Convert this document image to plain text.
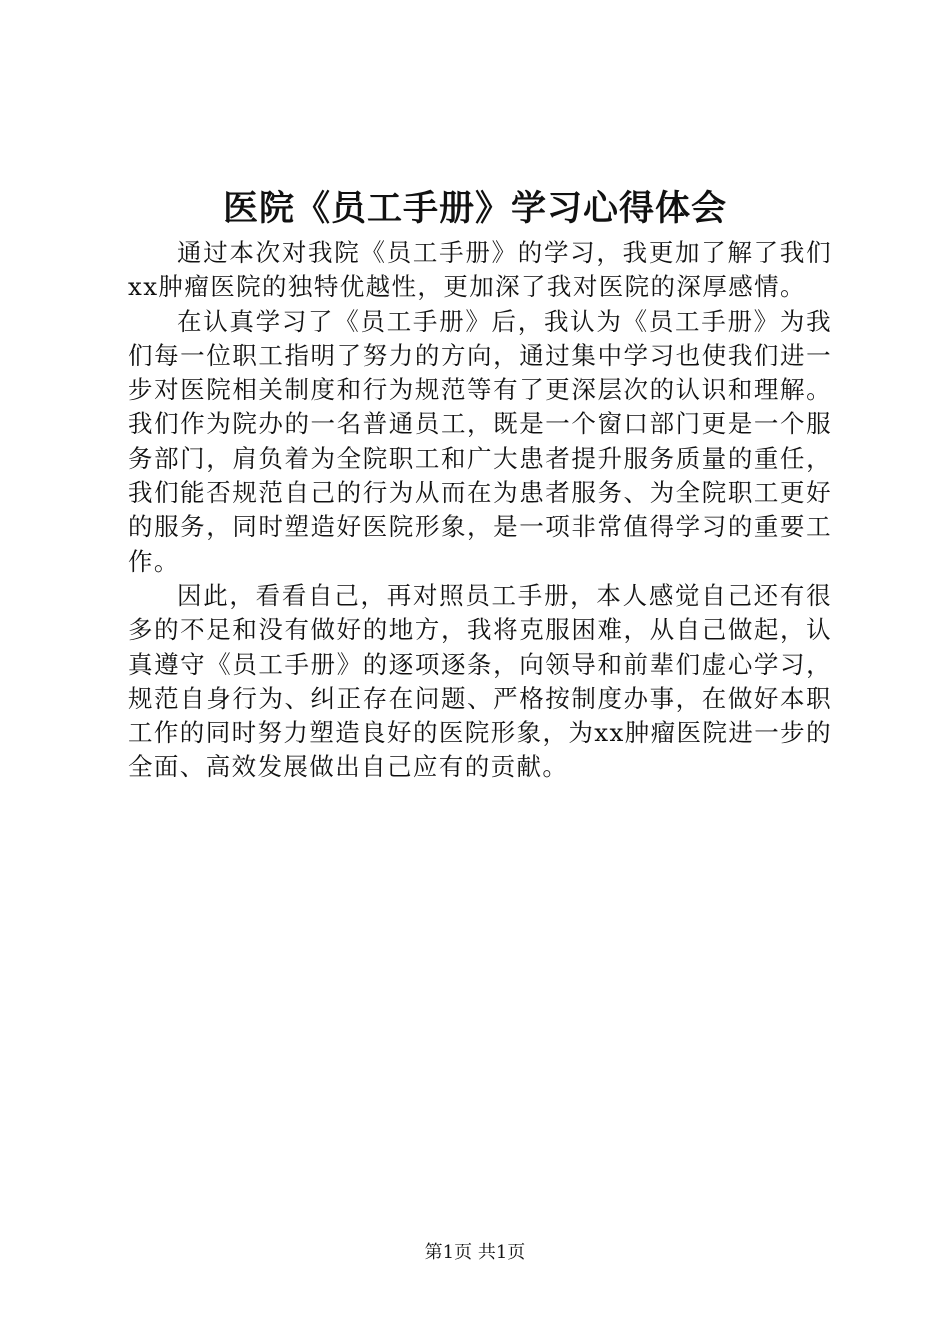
医院《员工手册》学习心得体会

通过本次对我院《员工手册》的学习，我更加了解了我们xx肿瘤医院的独特优越性，更加深了我对医院的深厚感情。

在认真学习了《员工手册》后，我认为《员工手册》为我们每一位职工指明了努力的方向，通过集中学习也使我们进一步对医院相关制度和行为规范等有了更深层次的认识和理解。我们作为院办的一名普通员工，既是一个窗口部门更是一个服务部门，肩负着为全院职工和广大患者提升服务质量的重任，我们能否规范自己的行为从而在为患者服务、为全院职工更好的服务，同时塑造好医院形象，是一项非常值得学习的重要工作。

因此，看看自己，再对照员工手册，本人感觉自己还有很多的不足和没有做好的地方，我将克服困难，从自己做起，认真遵守《员工手册》的逐项逐条，向领导和前辈们虚心学习，规范自身行为、纠正存在问题、严格按制度办事，在做好本职工作的同时努力塑造良好的医院形象，为xx肿瘤医院进一步的全面、高效发展做出自己应有的贡献。

第1页 共1页
